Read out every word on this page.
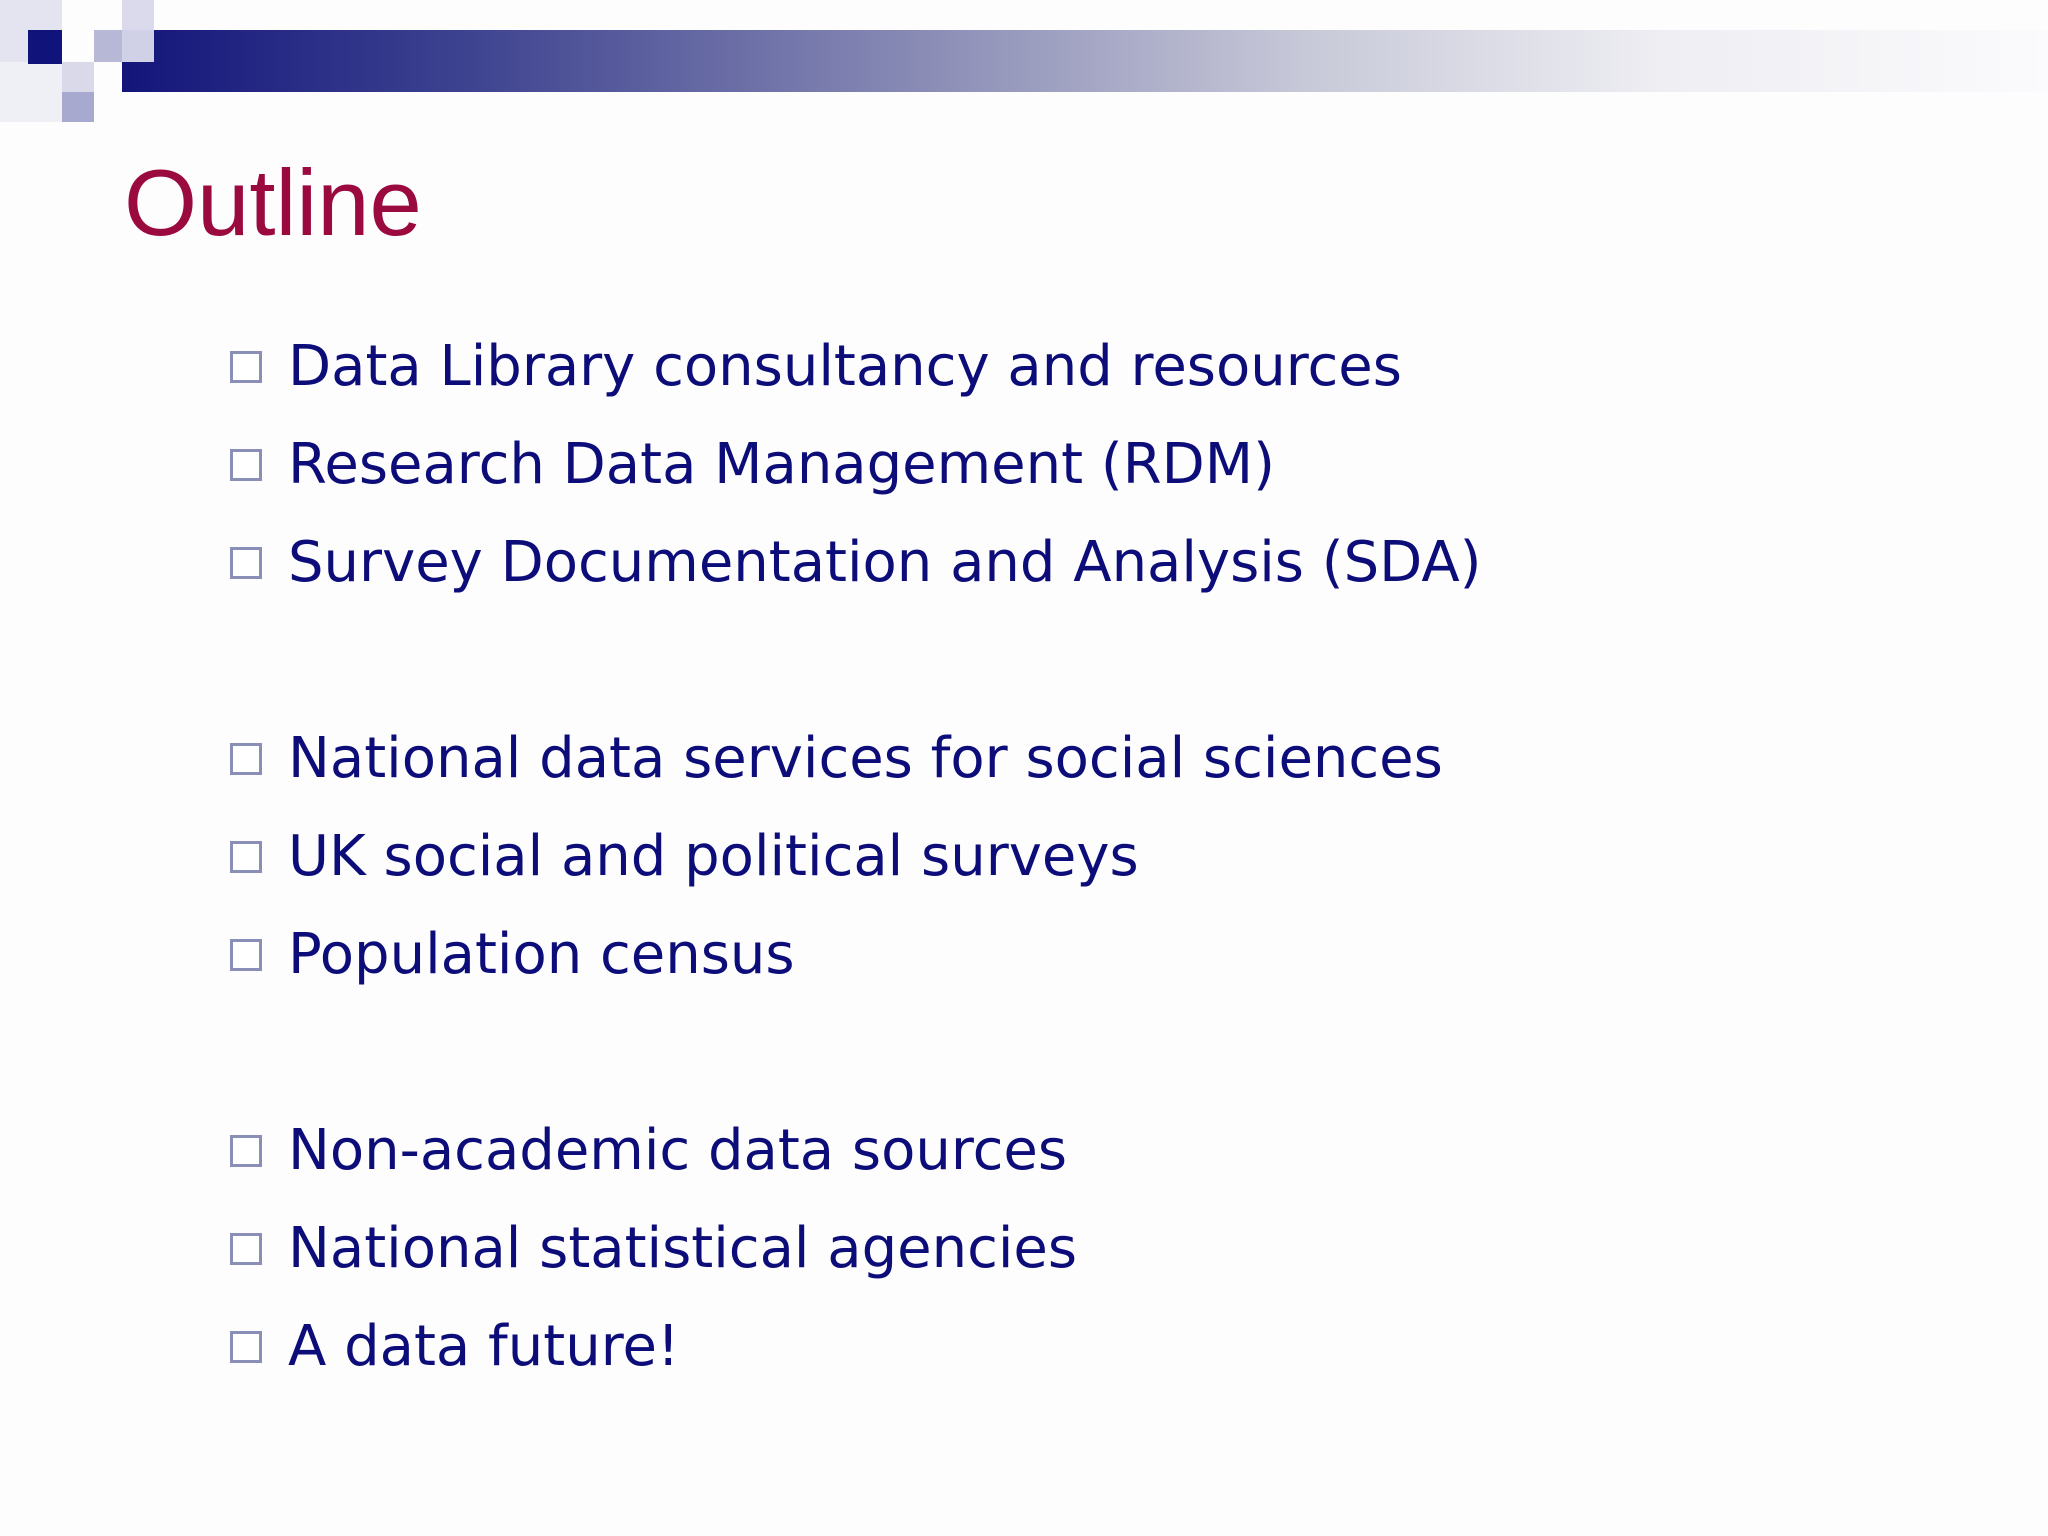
Outline
Data Library consultancy and resources
Research Data Management (RDM)
Survey Documentation and Analysis (SDA)
National data services for social sciences
UK social and political surveys
Population census
Non-academic data sources
National statistical agencies
A data future!
